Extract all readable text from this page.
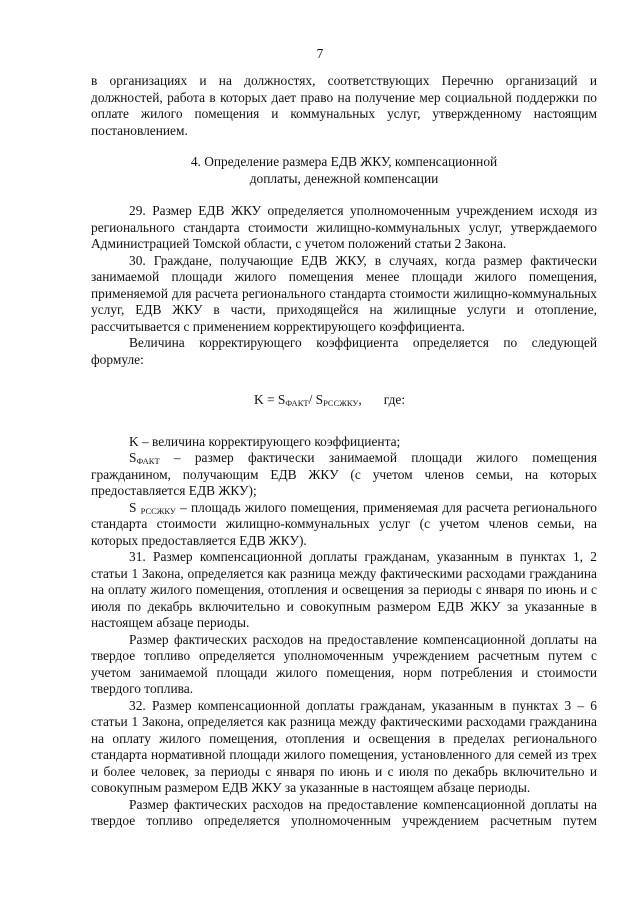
7

в организациях и на должностях, соответствующих Перечню организаций и должностей, работа в которых дает право на получение мер социальной поддержки по оплате жилого помещения и коммунальных услуг, утвержденному настоящим постановлением.

4. Определение размера ЕДВ ЖКУ, компенсационной
доплаты, денежной компенсации

29. Размер ЕДВ ЖКУ определяется уполномоченным учреждением исходя из регионального стандарта стоимости жилищно-коммунальных услуг, утверждаемого Администрацией Томской области, с учетом положений статьи 2 Закона.

30. Граждане, получающие ЕДВ ЖКУ, в случаях, когда размер фактически занимаемой площади жилого помещения менее площади жилого помещения, применяемой для расчета регионального стандарта стоимости жилищно-коммунальных услуг, ЕДВ ЖКУ в части, приходящейся на жилищные услуги и отопление, рассчитывается с применением корректирующего коэффициента.

Величина корректирующего коэффициента определяется по следующей формуле:

$K = S_{ФАКТ}/$ $S_{РССЖКУ}$, где:

K – величина корректирующего коэффициента;

$S_{ФАКТ}$ – размер фактически занимаемой площади жилого помещения гражданином, получающим ЕДВ ЖКУ (с учетом членов семьи, на которых предоставляется ЕДВ ЖКУ);

S $_{РССЖКУ}$ – площадь жилого помещения, применяемая для расчета регионального стандарта стоимости жилищно-коммунальных услуг (с учетом членов семьи, на которых предоставляется ЕДВ ЖКУ).

31. Размер компенсационной доплаты гражданам, указанным в пунктах 1, 2 статьи 1 Закона, определяется как разница между фактическими расходами гражданина на оплату жилого помещения, отопления и освещения за периоды с января по июнь и с июля по декабрь включительно и совокупным размером ЕДВ ЖКУ за указанные в настоящем абзаце периоды.

Размер фактических расходов на предоставление компенсационной доплаты на твердое топливо определяется уполномоченным учреждением расчетным путем с учетом занимаемой площади жилого помещения, норм потребления и стоимости твердого топлива.

32. Размер компенсационной доплаты гражданам, указанным в пунктах 3 – 6 статьи 1 Закона, определяется как разница между фактическими расходами гражданина на оплату жилого помещения, отопления и освещения в пределах регионального стандарта нормативной площади жилого помещения, установленного для семей из трех и более человек, за периоды с января по июнь и с июля по декабрь включительно и совокупным размером ЕДВ ЖКУ за указанные в настоящем абзаце периоды.

Размер фактических расходов на предоставление компенсационной доплаты на твердое топливо определяется уполномоченным учреждением расчетным путем
